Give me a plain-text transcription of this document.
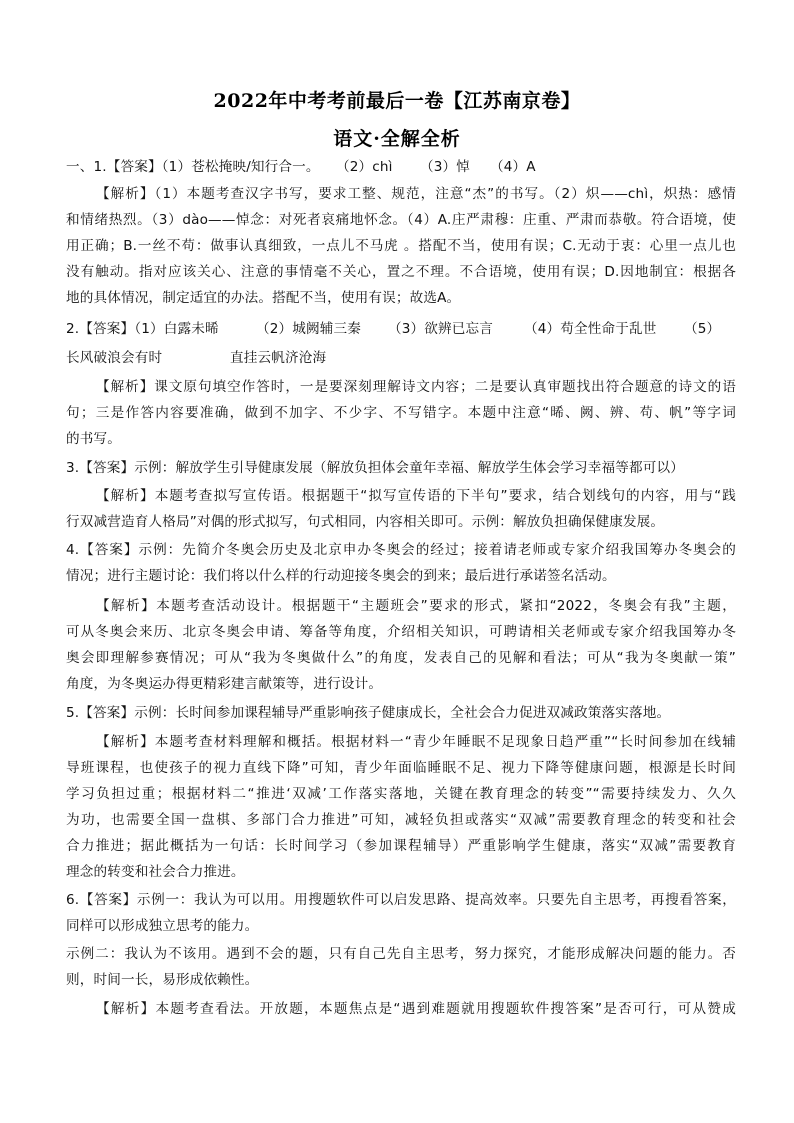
2022年中考考前最后一卷【江苏南京卷】
语文·全解全析
一、1.【答案】（1）苍松掩映/知行合一。 （2）chì （3）悼 （4）A
【解析】（1）本题考查汉字书写，要求工整、规范，注意“杰”的书写。（2）炽——chì，炽热：感情
和情绪热烈。（3）dào——悼念：对死者哀痛地怀念。（4）A.庄严肃穆：庄重、严肃而恭敬。符合语境，使
用正确；B.一丝不苟：做事认真细致，一点儿不马虎 。搭配不当，使用有误；C.无动于衷：心里一点儿也
没有触动。指对应该关心、注意的事情毫不关心，置之不理。不合语境，使用有误；D.因地制宜：根据各
地的具体情况，制定适宜的办法。搭配不当，使用有误；故选A。
2.【答案】（1）白露未晞	（2）城阙辅三秦 （3）欲辨已忘言 （4）苟全性命于乱世 （5）
长风破浪会有时	直挂云帆济沧海
【解析】课文原句填空作答时，一是要深刻理解诗文内容；二是要认真审题找出符合题意的诗文的语
句；三是作答内容要准确，做到不加字、不少字、不写错字。本题中注意“晞、阙、辨、苟、帆”等字词
的书写。
3.【答案】示例：解放学生引导健康发展（解放负担体会童年幸福、解放学生体会学习幸福等都可以）
【解析】本题考查拟写宣传语。根据题干“拟写宣传语的下半句”要求，结合划线句的内容，用与“践
行双减营造育人格局”对偶的形式拟写，句式相同，内容相关即可。示例：解放负担确保健康发展。
4.【答案】示例：先简介冬奥会历史及北京申办冬奥会的经过；接着请老师或专家介绍我国筹办冬奥会的
情况；进行主题讨论：我们将以什么样的行动迎接冬奥会的到来；最后进行承诺签名活动。
【解析】本题考查活动设计。根据题干“主题班会”要求的形式，紧扣“2022，冬奥会有我”主题，
可从冬奥会来历、北京冬奥会申请、筹备等角度，介绍相关知识，可聘请相关老师或专家介绍我国筹办冬
奥会即理解参赛情况；可从“我为冬奥做什么”的角度，发表自己的见解和看法；可从“我为冬奥献一策”
角度，为冬奥运办得更精彩建言献策等，进行设计。
5.【答案】示例：长时间参加课程辅导严重影响孩子健康成长，全社会合力促进双减政策落实落地。
【解析】本题考查材料理解和概括。根据材料一“青少年睡眠不足现象日趋严重”“长时间参加在线辅
导班课程，也使孩子的视力直线下降”可知，青少年面临睡眠不足、视力下降等健康问题，根源是长时间
学习负担过重；根据材料二“推进‘双减’工作落实落地，关键在教育理念的转变”“需要持续发力、久久
为功，也需要全国一盘棋、多部门合力推进”可知，减轻负担或落实“双减”需要教育理念的转变和社会
合力推进；据此概括为一句话：长时间学习（参加课程辅导）严重影响学生健康，落实“双减”需要教育
理念的转变和社会合力推进。
6.【答案】示例一：我认为可以用。用搜题软件可以启发思路、提高效率。只要先自主思考，再搜看答案，
同样可以形成独立思考的能力。
示例二：我认为不该用。遇到不会的题，只有自己先自主思考，努力探究，才能形成解决问题的能力。否
则，时间一长，易形成依赖性。
【解析】本题考查看法。开放题，本题焦点是“遇到难题就用搜题软件搜答案”是否可行，可从赞成
